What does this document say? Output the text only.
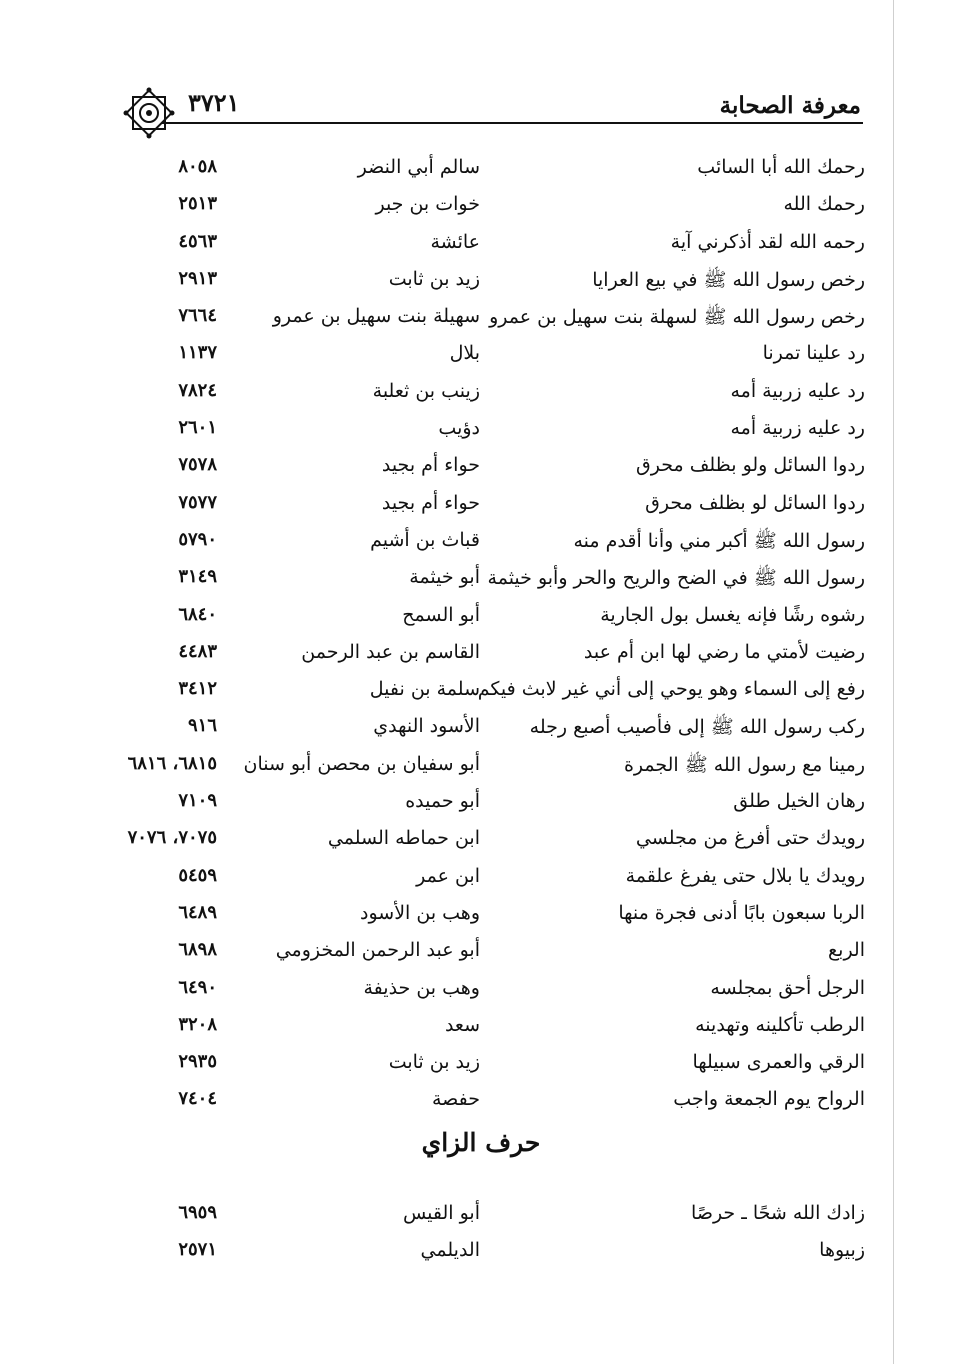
٣٧٢١	معرفة الصحابة
رحمك الله أبا السائب
سالم أبي النضر
٨٠٥٨
رحمك الله
خوات بن جبر
٢٥١٣
رحمه الله لقد أذكرني آية
عائشة
٤٥٦٣
رخص رسول الله ﷺ في بيع العرايا
زيد بن ثابت
٢٩١٣
رخص رسول الله ﷺ لسهلة بنت سهيل بن عمرو
سهيلة بنت سهيل بن عمرو
٧٦٦٤
رد علينا تمرنا
بلال
١١٣٧
رد عليه زربية أمه
زينب بن ثعلبة
٧٨٢٤
رد عليه زربية أمه
دؤيب
٢٦٠١
ردوا السائل ولو بظلف محرق
حواء أم بجيد
٧٥٧٨
ردوا السائل لو بظلف محرق
حواء أم بجيد
٧٥٧٧
رسول الله ﷺ أكبر مني وأنا أقدم منه
قباث بن أشيم
٥٧٩٠
رسول الله ﷺ في الضح والريح والحر وأبو خيثمة
أبو خيثمة
٣١٤٩
رشوه رشًا فإنه يغسل بول الجارية
أبو السمح
٦٨٤٠
رضيت لأمتي ما رضي لها ابن أم عبد
القاسم بن عبد الرحمن
٤٤٨٣
رفع إلى السماء وهو يوحي إلى أني غير لابث فيكم
سلمة بن نفيل
٣٤١٢
ركب رسول الله ﷺ إلى فأصيب أصبع رجله
الأسود النهدي
٩١٦
رمينا مع رسول الله ﷺ الجمرة
أبو سفيان بن محصن أبو سنان
٦٨١٥، ٦٨١٦
رهان الخيل طلق
أبو حميده
٧١٠٩
رويدك حتى أفرغ من مجلسي
ابن حماطه السلمي
٧٠٧٥، ٧٠٧٦
رويدك يا بلال حتى يفرغ علقمة
ابن عمر
٥٤٥٩
الربا سبعون بابًا أدنى فجرة منها
وهب بن الأسود
٦٤٨٩
الربع
أبو عبد الرحمن المخزومي
٦٨٩٨
الرجل أحق بمجلسه
وهب بن حذيفة
٦٤٩٠
الرطب تأكلينه وتهدينه
سعد
٣٢٠٨
الرقي والعمرى سبيلها
زيد بن ثابت
٢٩٣٥
الرواح يوم الجمعة واجب
حفصة
٧٤٠٤
حرف الزاي
زادك الله شحًا ـ حرصًا
أبو القيس
٦٩٥٩
زبيوها
الديلمي
٢٥٧١
